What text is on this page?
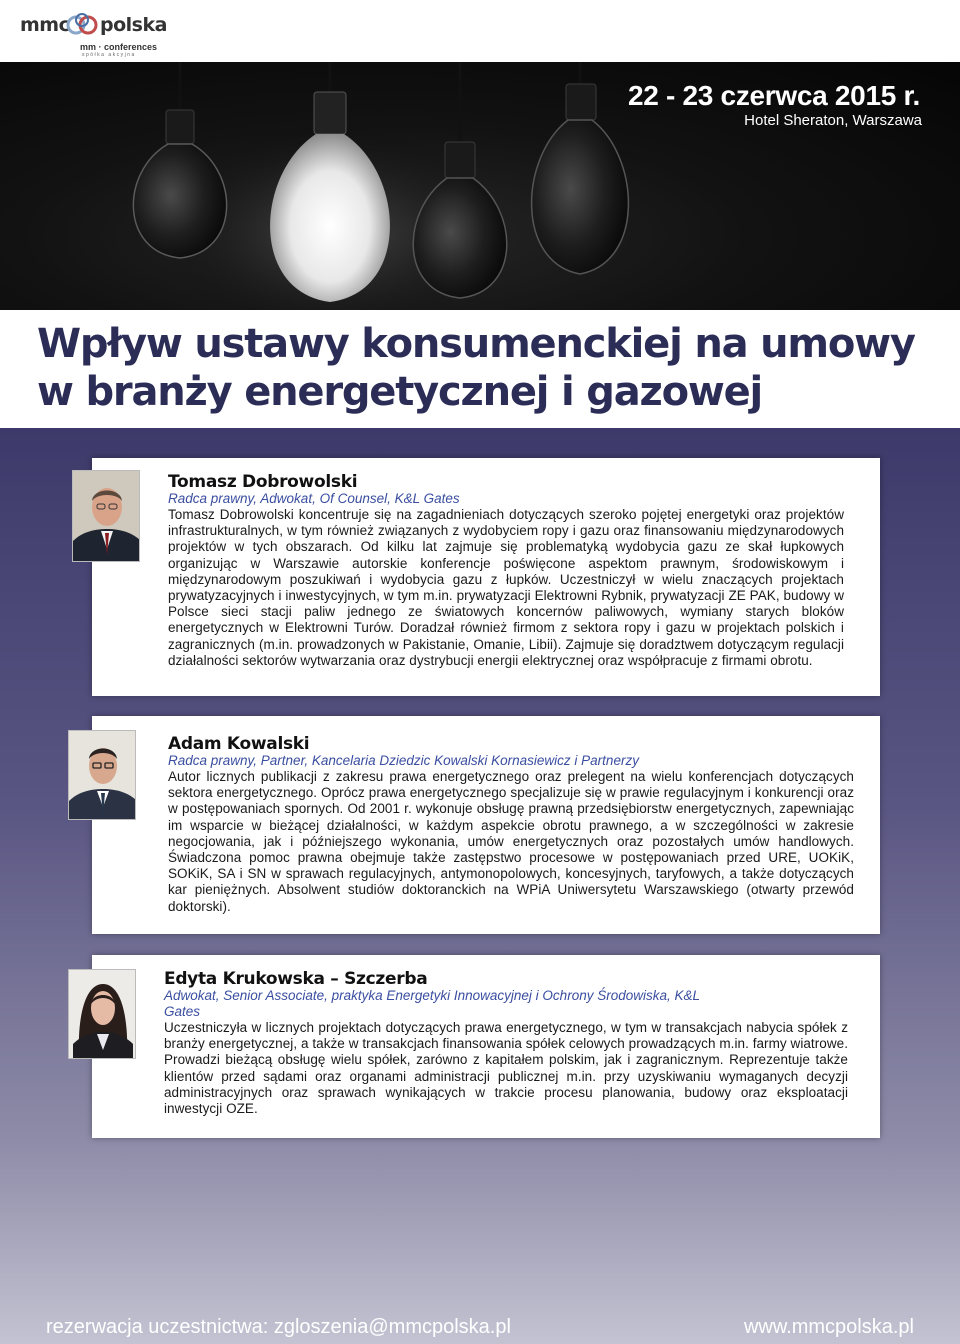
mmc polska
mm · conferences
spółka akcyjna
22 - 23 czerwca 2015 r.
Hotel Sheraton, Warszawa
Wpływ ustawy konsumenckiej na umowy
w branży energetycznej i gazowej
Tomasz Dobrowolski
Radca prawny, Adwokat, Of Counsel, K&L Gates
Tomasz Dobrowolski koncentruje się na zagadnieniach dotyczących szeroko pojętej energetyki oraz projektów infrastrukturalnych, w tym również związanych z wydobyciem ropy i gazu oraz finansowaniu międzynarodowych projektów w tych obszarach. Od kilku lat zajmuje się problematyką wydobycia gazu ze skał łupkowych organizując w Warszawie autorskie konferencje poświęcone aspektom prawnym, środowiskowym i międzynarodowym poszukiwań i wydobycia gazu z łupków. Uczestniczył w wielu znaczących projektach prywatyzacyjnych i inwestycyjnych, w tym m.in. prywatyzacji Elektrowni Rybnik, prywatyzacji ZE PAK, budowy w Polsce sieci stacji paliw jednego ze światowych koncernów paliwowych, wymiany starych bloków energetycznych w Elektrowni Turów. Doradzał również firmom z sektora ropy i gazu w projektach polskich i zagranicznych (m.in. prowadzonych w Pakistanie, Omanie, Libii). Zajmuje się doradztwem dotyczącym regulacji działalności sektorów wytwarzania oraz dystrybucji energii elektrycznej oraz współpracuje z firmami obrotu.
Adam Kowalski
Radca prawny, Partner, Kancelaria Dziedzic Kowalski Kornasiewicz i Partnerzy
Autor licznych publikacji z zakresu prawa energetycznego oraz prelegent na wielu konferencjach dotyczących sektora energetycznego. Oprócz prawa energetycznego specjalizuje się w prawie regulacyjnym i konkurencji oraz w postępowaniach spornych. Od 2001 r. wykonuje obsługę prawną przedsiębiorstw energetycznych, zapewniając im wsparcie w bieżącej działalności, w każdym aspekcie obrotu prawnego, a w szczególności w zakresie negocjowania, jak i późniejszego wykonania, umów energetycznych oraz pozostałych umów handlowych. Świadczona pomoc prawna obejmuje także zastępstwo procesowe w postępowaniach przed URE, UOKiK, SOKiK, SA i SN w sprawach regulacyjnych, antymonopolowych, koncesyjnych, taryfowych, a także dotyczących kar pieniężnych. Absolwent studiów doktoranckich na WPiA Uniwersytetu Warszawskiego (otwarty przewód doktorski).
Edyta Krukowska – Szczerba
Adwokat, Senior Associate, praktyka Energetyki Innowacyjnej i Ochrony Środowiska, K&L Gates
Uczestniczyła w licznych projektach dotyczących prawa energetycznego, w tym w transakcjach nabycia spółek z branży energetycznej, a także w transakcjach finansowania spółek celowych prowadzących m.in. farmy wiatrowe. Prowadzi bieżącą obsługę wielu spółek, zarówno z kapitałem polskim, jak i zagranicznym. Reprezentuje także klientów przed sądami oraz organami administracji publicznej m.in. przy uzyskiwaniu wymaganych decyzji administracyjnych oraz sprawach wynikających w trakcie procesu planowania, budowy oraz eksploatacji inwestycji OZE.
rezerwacja uczestnictwa: zgloszenia@mmcpolska.pl	www.mmcpolska.pl
